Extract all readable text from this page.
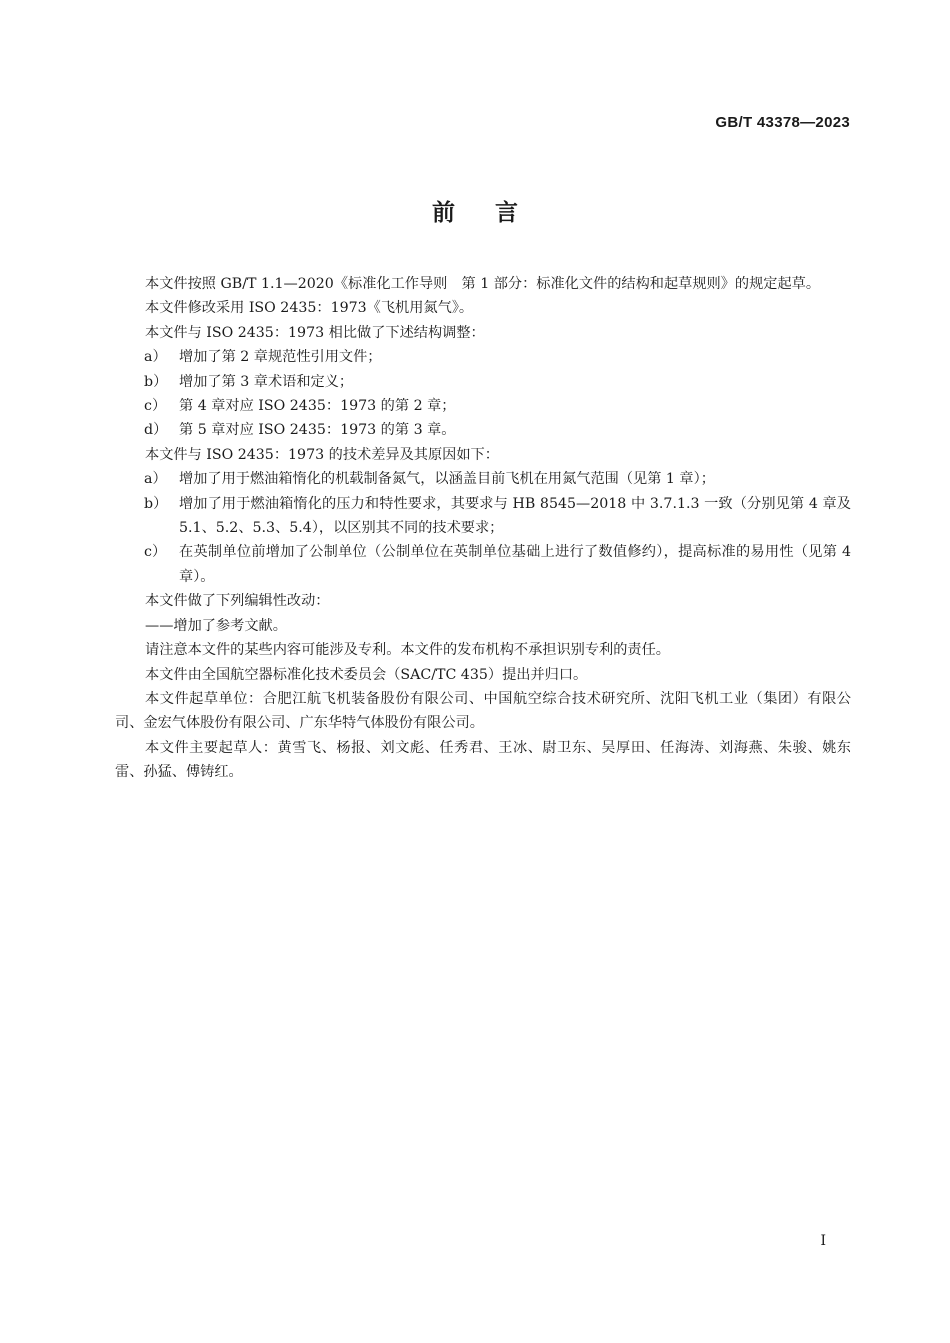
GB/T 43378—2023
前言

本文件按照 GB/T 1.1—2020《标准化工作导则　第 1 部分：标准化文件的结构和起草规则》的规定起草。

本文件修改采用 ISO 2435：1973《飞机用氮气》。

本文件与 ISO 2435：1973 相比做了下述结构调整：

a） 增加了第 2 章规范性引用文件；
b） 增加了第 3 章术语和定义；
c） 第 4 章对应 ISO 2435：1973 的第 2 章；
d） 第 5 章对应 ISO 2435：1973 的第 3 章。

本文件与 ISO 2435：1973 的技术差异及其原因如下：

a） 增加了用于燃油箱惰化的机载制备氮气，以涵盖目前飞机在用氮气范围（见第 1 章）；
b） 增加了用于燃油箱惰化的压力和特性要求，其要求与 HB 8545—2018 中 3.7.1.3 一致（分别见第 4 章及 5.1、5.2、5.3、5.4），以区别其不同的技术要求；
c） 在英制单位前增加了公制单位（公制单位在英制单位基础上进行了数值修约），提高标准的易用性（见第 4 章）。

本文件做了下列编辑性改动：

——增加了参考文献。

请注意本文件的某些内容可能涉及专利。本文件的发布机构不承担识别专利的责任。

本文件由全国航空器标准化技术委员会（SAC/TC 435）提出并归口。

本文件起草单位：合肥江航飞机装备股份有限公司、中国航空综合技术研究所、沈阳飞机工业（集团）有限公司、金宏气体股份有限公司、广东华特气体股份有限公司。

本文件主要起草人：黄雪飞、杨报、刘文彪、任秀君、王冰、尉卫东、吴厚田、任海涛、刘海燕、朱骏、姚东雷、孙猛、傅铸红。

I
